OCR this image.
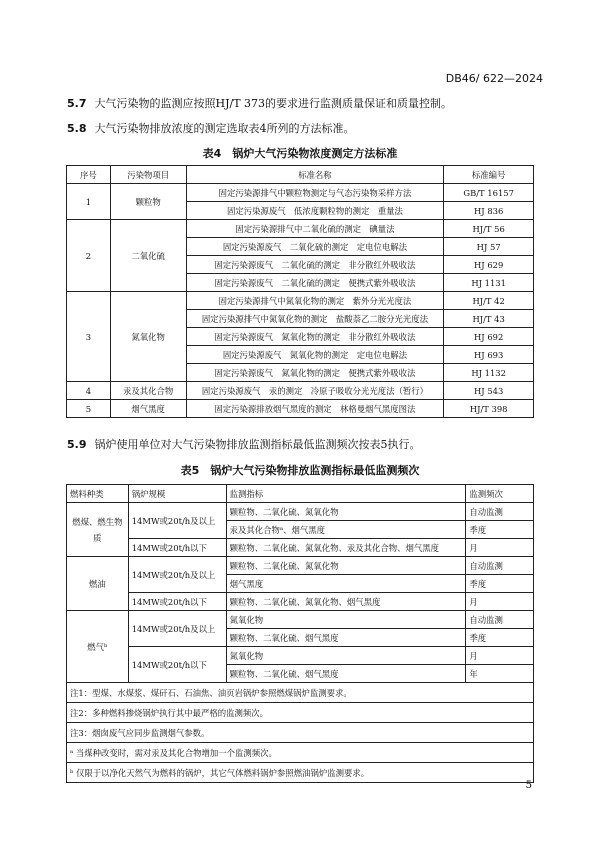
DB46/ 622—2024
5.7 大气污染物的监测应按照HJ/T 373的要求进行监测质量保证和质量控制。
5.8 大气污染物排放浓度的测定选取表4所列的方法标准。
表4　锅炉大气污染物浓度测定方法标准
序号	污染物项目	标准名称	标准编号
1	颗粒物	固定污染源排气中颗粒物测定与气态污染物采样方法	GB/T 16157
		固定污染源废气　低浓度颗粒物的测定　重量法	HJ 836
2	二氧化硫	固定污染源排气中二氧化硫的测定　碘量法	HJ/T 56
		固定污染源废气　二氧化硫的测定　定电位电解法	HJ 57
		固定污染源废气　二氧化硫的测定　非分散红外吸收法	HJ 629
		固定污染源废气　二氧化硫的测定　便携式紫外吸收法	HJ 1131
3	氮氧化物	固定污染源排气中氮氧化物的测定　紫外分光光度法	HJ/T 42
		固定污染源排气中氮氧化物的测定　盐酸萘乙二胺分光光度法	HJ/T 43
		固定污染源废气　氮氧化物的测定　非分散红外吸收法	HJ 692
		固定污染源废气　氮氧化物的测定　定电位电解法	HJ 693
		固定污染源废气　氮氧化物的测定　便携式紫外吸收法	HJ 1132
4	汞及其化合物	固定污染源废气　汞的测定　冷原子吸收分光光度法（暂行）	HJ 543
5	烟气黑度	固定污染源排放烟气黑度的测定　林格曼烟气黑度图法	HJ/T 398
5.9 锅炉使用单位对大气污染物排放监测指标最低监测频次按表5执行。
表5　锅炉大气污染物排放监测指标最低监测频次
燃料种类	锅炉规模	监测指标	监测频次
燃煤、燃生物质	14MW或20t/h及以上	颗粒物、二氧化硫、氮氧化物	自动监测
		汞及其化合物ᵃ、烟气黑度	季度
	14MW或20t/h以下	颗粒物、二氧化硫、氮氧化物、汞及其化合物、烟气黑度	月
燃油	14MW或20t/h及以上	颗粒物、二氧化硫、氮氧化物	自动监测
		烟气黑度	季度
	14MW或20t/h以下	颗粒物、二氧化硫、氮氧化物、烟气黑度	月
燃气ᵇ	14MW或20t/h及以上	氮氧化物	自动监测
		颗粒物、二氧化硫、烟气黑度	季度
	14MW或20t/h以下	氮氧化物	月
		颗粒物、二氧化硫、烟气黑度	年
注1：型煤、水煤浆、煤矸石、石油焦、油页岩锅炉参照燃煤锅炉监测要求。			
注2：多种燃料掺烧锅炉执行其中最严格的监测频次。			
注3：烟囱废气应同步监测烟气参数。			
ᵃ 当煤种改变时，需对汞及其化合物增加一个监测频次。			
ᵇ 仅限于以净化天然气为燃料的锅炉，其它气体燃料锅炉参照燃油锅炉监测要求。			
5
